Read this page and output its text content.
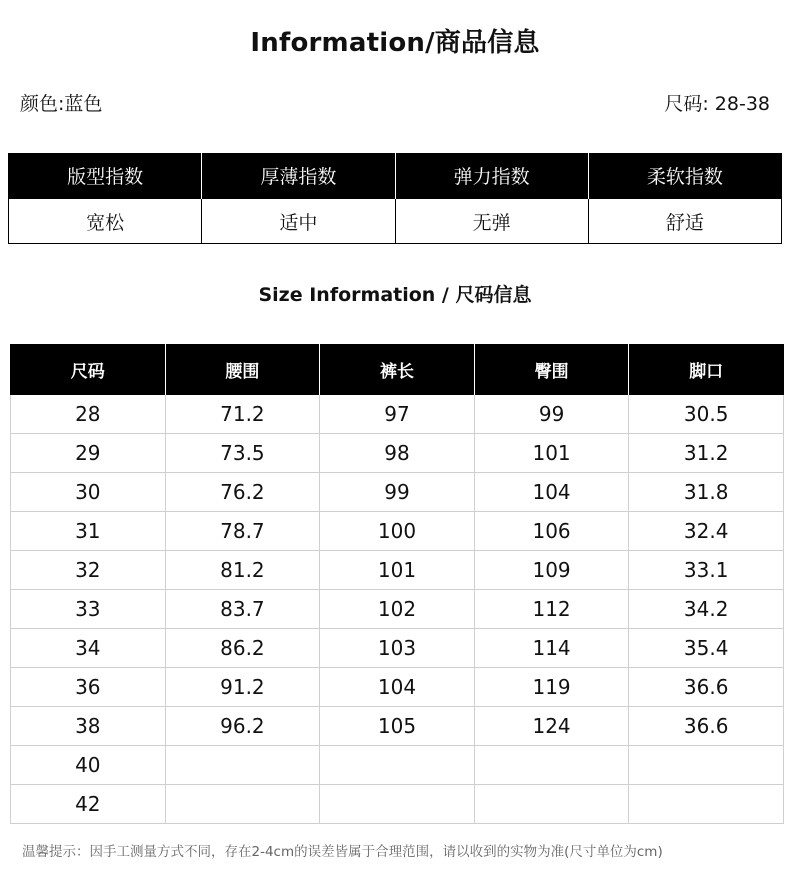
Information/商品信息
颜色:蓝色	尺码: 28-38
版型指数	厚薄指数	弹力指数	柔软指数
宽松	适中	无弹	舒适
Size Information / 尺码信息
尺码	腰围	裤长	臀围	脚口
28	71.2	97	99	30.5
29	73.5	98	101	31.2
30	76.2	99	104	31.8
31	78.7	100	106	32.4
32	81.2	101	109	33.1
33	83.7	102	112	34.2
34	86.2	103	114	35.4
36	91.2	104	119	36.6
38	96.2	105	124	36.6
40				
42				
温馨提示：因手工测量方式不同，存在2-4cm的误差皆属于合理范围，请以收到的实物为准(尺寸单位为cm)
